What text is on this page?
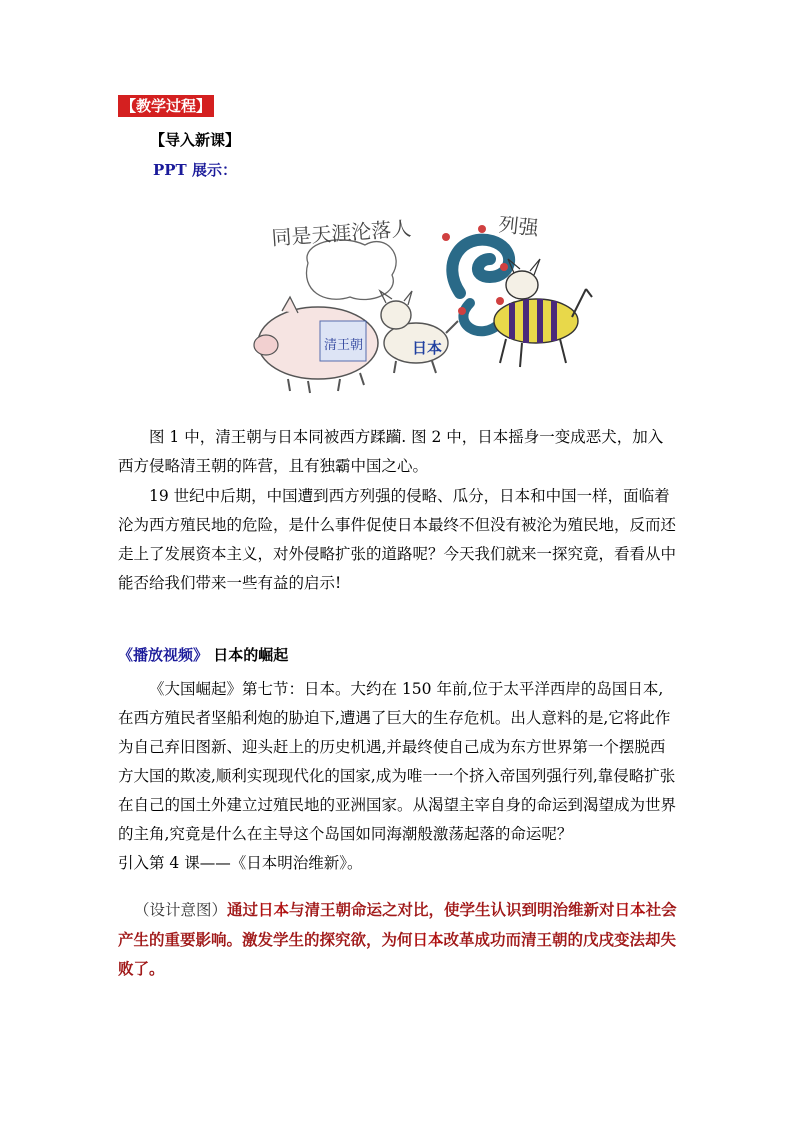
【教学过程】
【导入新课】
PPT 展示：
同是天涯沦落人
清王朝	日本
列强
图 1 中，清王朝与日本同被西方蹂躏. 图 2 中，日本摇身一变成恶犬，加入西方侵略清王朝的阵营，且有独霸中国之心。
19 世纪中后期，中国遭到西方列强的侵略、瓜分，日本和中国一样，面临着沦为西方殖民地的危险，是什么事件促使日本最终不但没有被沦为殖民地，反而还走上了发展资本主义，对外侵略扩张的道路呢？今天我们就来一探究竟，看看从中能否给我们带来一些有益的启示!
《播放视频》 日本的崛起
《大国崛起》第七节：日本。大约在 150 年前,位于太平洋西岸的岛国日本,在西方殖民者坚船利炮的胁迫下,遭遇了巨大的生存危机。出人意料的是,它将此作为自己弃旧图新、迎头赶上的历史机遇,并最终使自己成为东方世界第一个摆脱西方大国的欺凌,顺利实现现代化的国家,成为唯一一个挤入帝国列强行列,靠侵略扩张在自己的国土外建立过殖民地的亚洲国家。从渴望主宰自身的命运到渴望成为世界的主角,究竟是什么在主导这个岛国如同海潮般激荡起落的命运呢？
引入第 4 课——《日本明治维新》。
（设计意图）通过日本与清王朝命运之对比，使学生认识到明治维新对日本社会产生的重要影响。激发学生的探究欲，为何日本改革成功而清王朝的戊戌变法却失败了。
